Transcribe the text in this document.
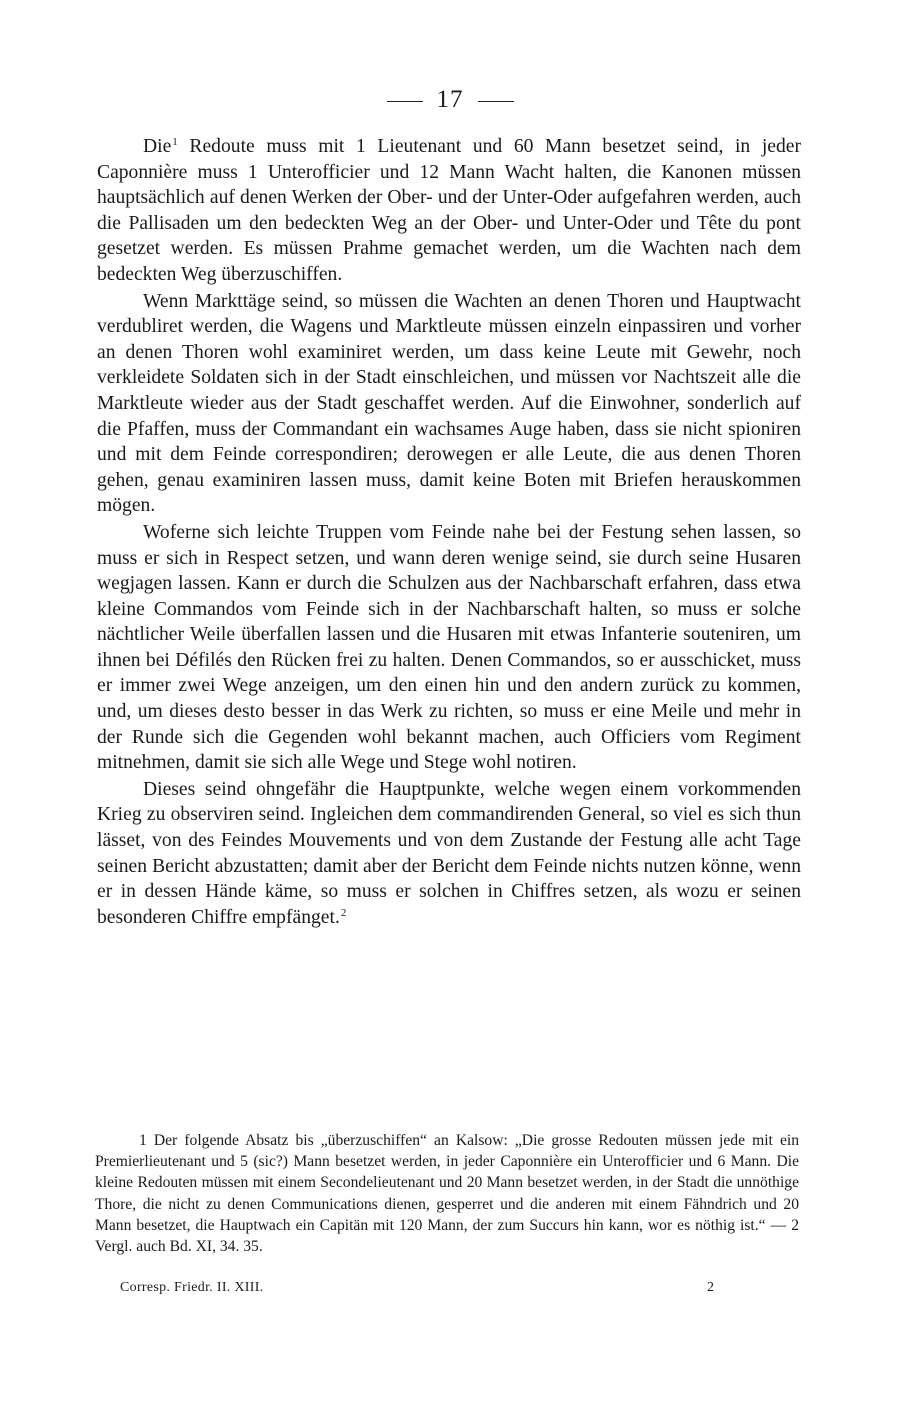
17

Die$^1$ Redoute muss mit 1 Lieutenant und 60 Mann besetzet seind, in jeder Caponnière muss 1 Unterofficier und 12 Mann Wacht halten, die Kanonen müssen hauptsächlich auf denen Werken der Ober- und der Unter-Oder aufgefahren werden, auch die Pallisaden um den bedeckten Weg an der Ober- und Unter-Oder und Tête du pont gesetzet werden. Es müssen Prahme gemachet werden, um die Wachten nach dem bedeckten Weg überzuschiffen.

Wenn Markttäge seind, so müssen die Wachten an denen Thoren und Hauptwacht verdubliret werden, die Wagens und Marktleute müssen einzeln einpassiren und vorher an denen Thoren wohl examiniret werden, um dass keine Leute mit Gewehr, noch verkleidete Soldaten sich in der Stadt einschleichen, und müssen vor Nachtszeit alle die Marktleute wieder aus der Stadt geschaffet werden. Auf die Einwohner, sonderlich auf die Pfaffen, muss der Commandant ein wachsames Auge haben, dass sie nicht spioniren und mit dem Feinde correspondiren; derowegen er alle Leute, die aus denen Thoren gehen, genau examiniren lassen muss, damit keine Boten mit Briefen herauskommen mögen.

Woferne sich leichte Truppen vom Feinde nahe bei der Festung sehen lassen, so muss er sich in Respect setzen, und wann deren wenige seind, sie durch seine Husaren wegjagen lassen. Kann er durch die Schulzen aus der Nachbarschaft erfahren, dass etwa kleine Commandos vom Feinde sich in der Nachbarschaft halten, so muss er solche nächtlicher Weile überfallen lassen und die Husaren mit etwas Infanterie souteniren, um ihnen bei Défilés den Rücken frei zu halten. Denen Commandos, so er ausschicket, muss er immer zwei Wege anzeigen, um den einen hin und den andern zurück zu kommen, und, um dieses desto besser in das Werk zu richten, so muss er eine Meile und mehr in der Runde sich die Gegenden wohl bekannt machen, auch Officiers vom Regiment mitnehmen, damit sie sich alle Wege und Stege wohl notiren.

Dieses seind ohngefähr die Hauptpunkte, welche wegen einem vorkommenden Krieg zu observiren seind. Ingleichen dem commandirenden General, so viel es sich thun lässet, von des Feindes Mouvements und von dem Zustande der Festung alle acht Tage seinen Bericht abzustatten; damit aber der Bericht dem Feinde nichts nutzen könne, wenn er in dessen Hände käme, so muss er solchen in Chiffres setzen, als wozu er seinen besonderen Chiffre empfänget.$^2$

1 Der folgende Absatz bis „überzuschiffen“ an Kalsow: „Die grosse Redouten müssen jede mit ein Premierlieutenant und 5 (sic?) Mann besetzet werden, in jeder Caponnière ein Unterofficier und 6 Mann. Die kleine Redouten müssen mit einem Secondelieutenant und 20 Mann besetzet werden, in der Stadt die unnöthige Thore, die nicht zu denen Communications dienen, gesperret und die anderen mit einem Fähndrich und 20 Mann besetzet, die Hauptwach ein Capitän mit 120 Mann, der zum Succurs hin kann, wor es nöthig ist.“ — 2 Vergl. auch Bd. XI, 34. 35.

Corresp. Friedr. II. XIII.	2
